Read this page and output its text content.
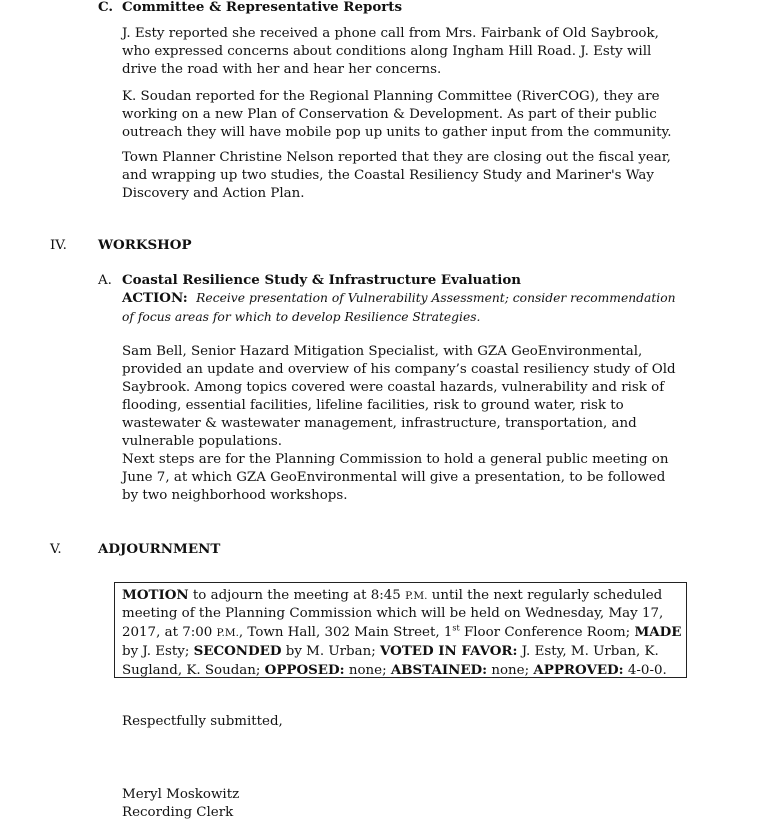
C. Committee & Representative Reports

J. Esty reported she received a phone call from Mrs. Fairbank of Old Saybrook, who expressed concerns about conditions along Ingham Hill Road. J. Esty will drive the road with her and hear her concerns.

K. Soudan reported for the Regional Planning Committee (RiverCOG), they are working on a new Plan of Conservation & Development. As part of their public outreach they will have mobile pop up units to gather input from the community.

Town Planner Christine Nelson reported that they are closing out the fiscal year, and wrapping up two studies, the Coastal Resiliency Study and Mariner's Way Discovery and Action Plan.

IV. WORKSHOP
A. Coastal Resilience Study & Infrastructure Evaluation
ACTION: Receive presentation of Vulnerability Assessment; consider recommendation of focus areas for which to develop Resilience Strategies.

Sam Bell, Senior Hazard Mitigation Specialist, with GZA GeoEnvironmental, provided an update and overview of his company’s coastal resiliency study of Old Saybrook. Among topics covered were coastal hazards, vulnerability and risk of flooding, essential facilities, lifeline facilities, risk to ground water, risk to wastewater & wastewater management, infrastructure, transportation, and vulnerable populations.

Next steps are for the Planning Commission to hold a general public meeting on June 7, at which GZA GeoEnvironmental will give a presentation, to be followed by two neighborhood workshops.

V.	ADJOURNMENT
MOTION to adjourn the meeting at 8:45 P.M. until the next regularly scheduled meeting of the Planning Commission which will be held on Wednesday, May 17, 2017, at 7:00 P.M., Town Hall, 302 Main Street, 1st Floor Conference Room; MADE by J. Esty; SECONDED by M. Urban; VOTED IN FAVOR: J. Esty, M. Urban, K. Sugland, K. Soudan; OPPOSED: none; ABSTAINED: none; APPROVED: 4-0-0.

Respectfully submitted,

Meryl Moskowitz

Recording Clerk
